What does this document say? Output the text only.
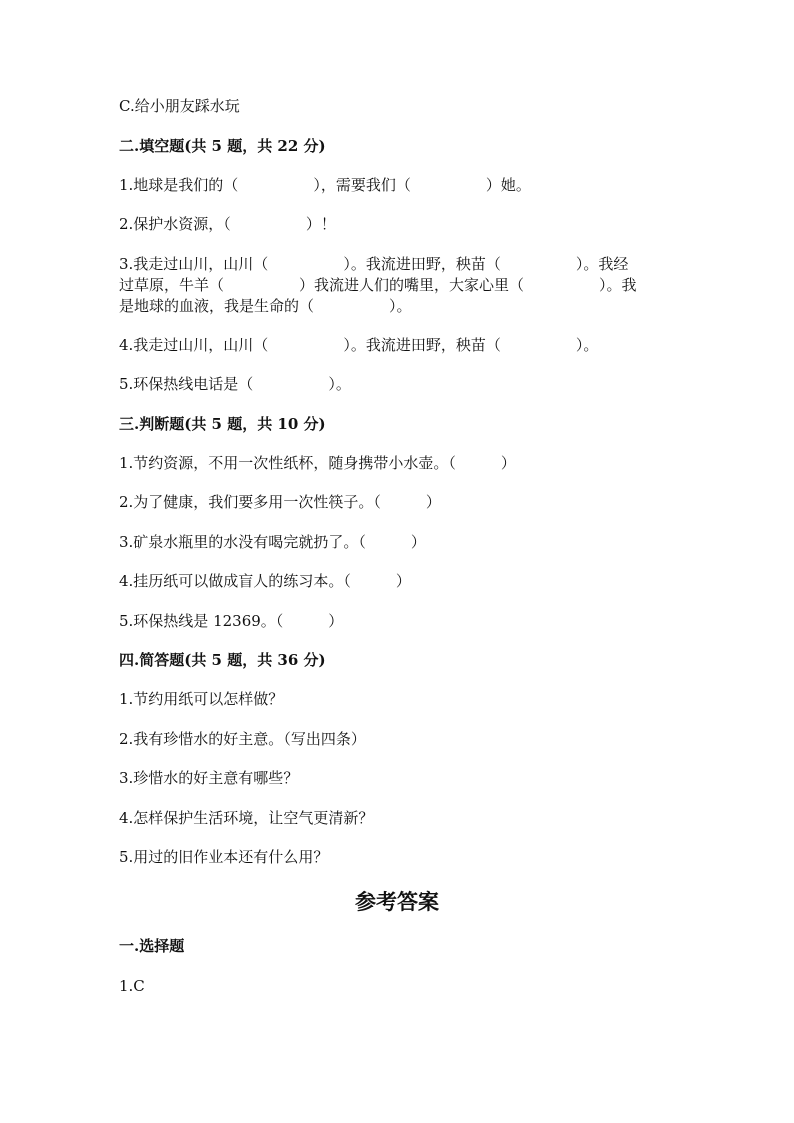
C.给小朋友踩水玩
二.填空题(共 5 题，共 22 分)
1.地球是我们的（　　　　　），需要我们（　　　　　）她。
2.保护水资源，（　　　　　）！
3.我走过山川，山川（　　　　　）。我流进田野，秧苗（　　　　　）。我经
过草原，牛羊（　　　　　）我流进人们的嘴里，大家心里（　　　　　）。我
是地球的血液，我是生命的（　　　　　）。
4.我走过山川，山川（　　　　　）。我流进田野，秧苗（　　　　　）。
5.环保热线电话是（　　　　　）。
三.判断题(共 5 题，共 10 分)
1.节约资源，不用一次性纸杯，随身携带小水壶。（　　　）
2.为了健康，我们要多用一次性筷子。（　　　）
3.矿泉水瓶里的水没有喝完就扔了。（　　　）
4.挂历纸可以做成盲人的练习本。（　　　）
5.环保热线是 12369。（　　　）
四.简答题(共 5 题，共 36 分)
1.节约用纸可以怎样做？
2.我有珍惜水的好主意。（写出四条）
3.珍惜水的好主意有哪些？
4.怎样保护生活环境，让空气更清新？
5.用过的旧作业本还有什么用？
参考答案
一.选择题
1.C
